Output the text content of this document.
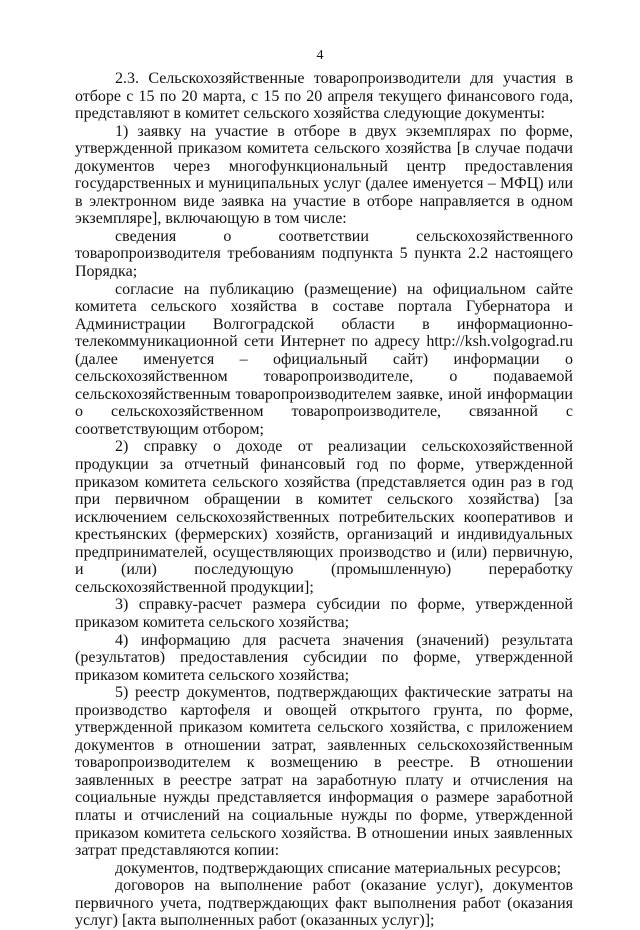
4

2.3. Сельскохозяйственные товаропроизводители для участия в отборе с 15 по 20 марта, с 15 по 20 апреля текущего финансового года, представляют в комитет сельского хозяйства следующие документы:

1) заявку на участие в отборе в двух экземплярах по форме, утвержденной приказом комитета сельского хозяйства [в случае подачи документов через многофункциональный центр предоставления государственных и муниципальных услуг (далее именуется – МФЦ) или в электронном виде заявка на участие в отборе направляется в одном экземпляре], включающую в том числе:

сведения о соответствии сельскохозяйственного товаропроизводителя требованиям подпункта 5 пункта 2.2 настоящего Порядка;

согласие на публикацию (размещение) на официальном сайте комитета сельского хозяйства в составе портала Губернатора и Администрации Волгоградской области в информационно-телекоммуникационной сети Интернет по адресу http://ksh.volgograd.ru (далее именуется – официальный сайт) информации о сельскохозяйственном товаропроизводителе, о подаваемой сельскохозяйственным товаропроизводителем заявке, иной информации о сельскохозяйственном товаропроизводителе, связанной с соответствующим отбором;

2) справку о доходе от реализации сельскохозяйственной продукции за отчетный финансовый год по форме, утвержденной приказом комитета сельского хозяйства (представляется один раз в год при первичном обращении в комитет сельского хозяйства) [за исключением сельскохозяйственных потребительских кооперативов и крестьянских (фермерских) хозяйств, организаций и индивидуальных предпринимателей, осуществляющих производство и (или) первичную, и (или) последующую (промышленную) переработку сельскохозяйственной продукции];

3) справку-расчет размера субсидии по форме, утвержденной приказом комитета сельского хозяйства;

4) информацию для расчета значения (значений) результата (результатов) предоставления субсидии по форме, утвержденной приказом комитета сельского хозяйства;

5) реестр документов, подтверждающих фактические затраты на производство картофеля и овощей открытого грунта, по форме, утвержденной приказом комитета сельского хозяйства, с приложением документов в отношении затрат, заявленных сельскохозяйственным товаропроизводителем к возмещению в реестре. В отношении заявленных в реестре затрат на заработную плату и отчисления на социальные нужды представляется информация о размере заработной платы и отчислений на социальные нужды по форме, утвержденной приказом комитета сельского хозяйства. В отношении иных заявленных затрат представляются копии:

документов, подтверждающих списание материальных ресурсов;

договоров на выполнение работ (оказание услуг), документов первичного учета, подтверждающих факт выполнения работ (оказания услуг) [акта выполненных работ (оказанных услуг)];
